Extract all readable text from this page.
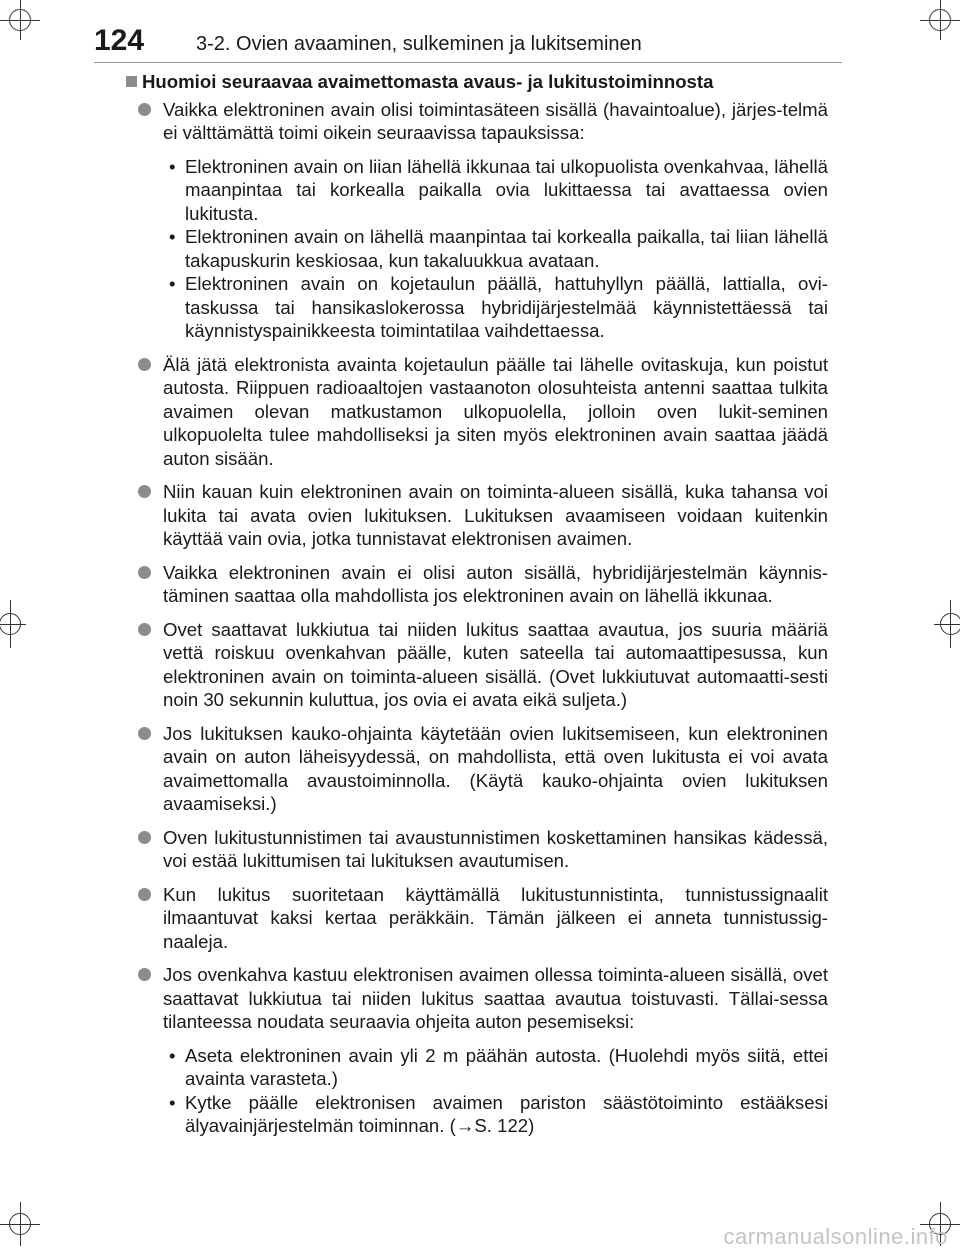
124	3-2. Ovien avaaminen, sulkeminen ja lukitseminen
Huomioi seuraavaa avaimettomasta avaus- ja lukitustoiminnosta
Vaikka elektroninen avain olisi toimintasäteen sisällä (havaintoalue), järjes-telmä ei välttämättä toimi oikein seuraavissa tapauksissa:
• Elektroninen avain on liian lähellä ikkunaa tai ulkopuolista ovenkahvaa, lähellä maanpintaa tai korkealla paikalla ovia lukittaessa tai avattaessa ovien lukitusta.
• Elektroninen avain on lähellä maanpintaa tai korkealla paikalla, tai liian lähellä takapuskurin keskiosaa, kun takaluukkua avataan.
• Elektroninen avain on kojetaulun päällä, hattuhyllyn päällä, lattialla, ovi-taskussa tai hansikaslokerossa hybridijärjestelmää käynnistettäessä tai käynnistyspainikkeesta toimintatilaa vaihdettaessa.
Älä jätä elektronista avainta kojetaulun päälle tai lähelle ovitaskuja, kun poistut autosta. Riippuen radioaaltojen vastaanoton olosuhteista antenni saattaa tulkita avaimen olevan matkustamon ulkopuolella, jolloin oven lukit-seminen ulkopuolelta tulee mahdolliseksi ja siten myös elektroninen avain saattaa jäädä auton sisään.
Niin kauan kuin elektroninen avain on toiminta-alueen sisällä, kuka tahansa voi lukita tai avata ovien lukituksen. Lukituksen avaamiseen voidaan kuitenkin käyttää vain ovia, jotka tunnistavat elektronisen avaimen.
Vaikka elektroninen avain ei olisi auton sisällä, hybridijärjestelmän käynnis-täminen saattaa olla mahdollista jos elektroninen avain on lähellä ikkunaa.
Ovet saattavat lukkiutua tai niiden lukitus saattaa avautua, jos suuria määriä vettä roiskuu ovenkahvan päälle, kuten sateella tai automaattipesussa, kun elektroninen avain on toiminta-alueen sisällä. (Ovet lukkiutuvat automaatti-sesti noin 30 sekunnin kuluttua, jos ovia ei avata eikä suljeta.)
Jos lukituksen kauko-ohjainta käytetään ovien lukitsemiseen, kun elektroninen avain on auton läheisyydessä, on mahdollista, että oven lukitusta ei voi avata avaimettomalla avaustoiminnolla. (Käytä kauko-ohjainta ovien lukituksen avaamiseksi.)
Oven lukitustunnistimen tai avaustunnistimen koskettaminen hansikas kädessä, voi estää lukittumisen tai lukituksen avautumisen.
Kun lukitus suoritetaan käyttämällä lukitustunnistinta, tunnistussignaalit ilmaantuvat kaksi kertaa peräkkäin. Tämän jälkeen ei anneta tunnistussig-naaleja.
Jos ovenkahva kastuu elektronisen avaimen ollessa toiminta-alueen sisällä, ovet saattavat lukkiutua tai niiden lukitus saattaa avautua toistuvasti. Tällai-sessa tilanteessa noudata seuraavia ohjeita auton pesemiseksi:
• Aseta elektroninen avain yli 2 m päähän autosta. (Huolehdi myös siitä, ettei avainta varasteta.)
• Kytke päälle elektronisen avaimen pariston säästötoiminto estääksesi älyavainjärjestelmän toiminnan. (→S. 122)
carmanualsonline.info
